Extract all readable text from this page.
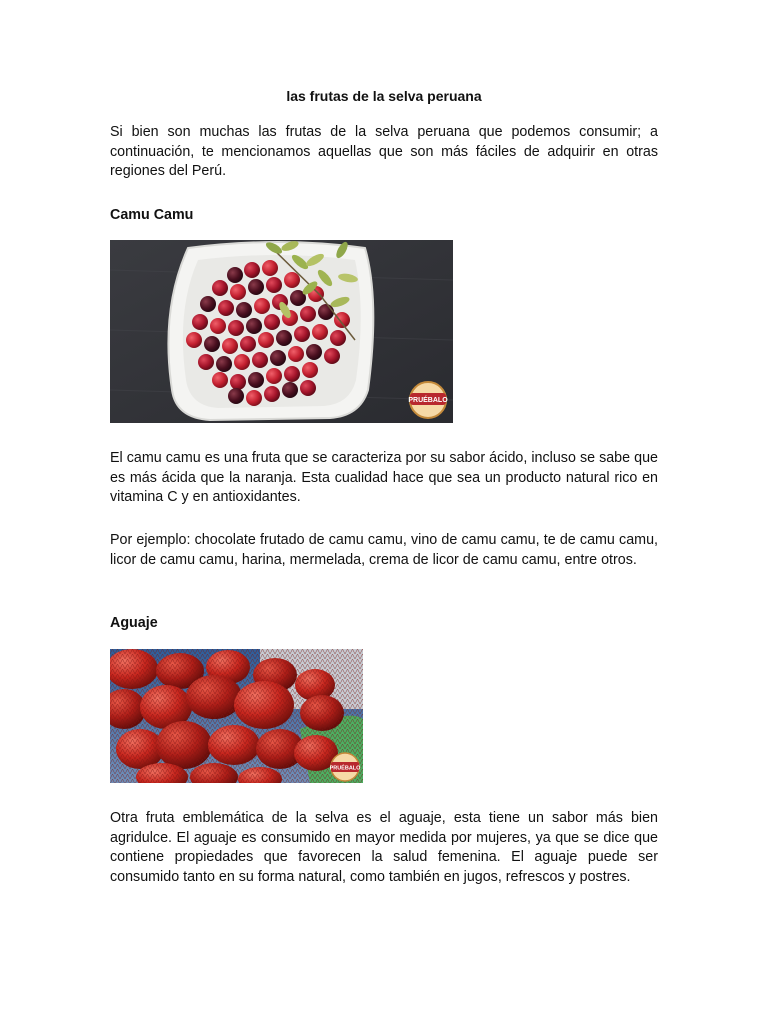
las frutas de la selva peruana

Si bien son muchas las frutas de la selva peruana que podemos consumir; a continuación, te mencionamos aquellas que son más fáciles de adquirir en otras regiones del Perú.

Camu Camu
PRUÉBALO

El camu camu es una fruta que se caracteriza por su sabor ácido, incluso se sabe que es más ácida que la naranja. Esta cualidad hace que sea un producto natural rico en vitamina C y en antioxidantes.

Por ejemplo: chocolate frutado de camu camu, vino de camu camu, te de camu camu, licor de camu camu, harina, mermelada, crema de licor de camu camu, entre otros.

Aguaje
PRUÉBALO

Otra fruta emblemática de la selva es el aguaje, esta tiene un sabor más bien agridulce. El aguaje es consumido en mayor medida por mujeres, ya que se dice que contiene propiedades que favorecen la salud femenina. El aguaje puede ser consumido tanto en su forma natural, como también en jugos, refrescos y postres.
